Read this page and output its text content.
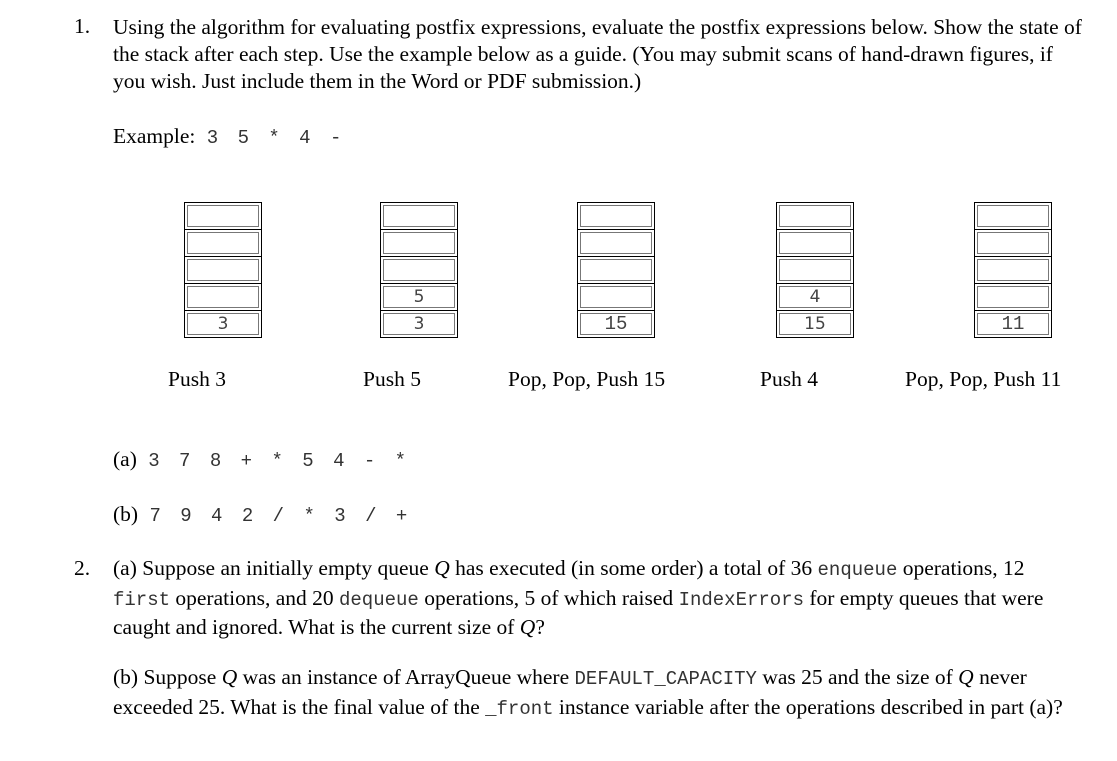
1. Using the algorithm for evaluating postfix expressions, evaluate the postfix expressions below. Show the state of the stack after each step. Use the example below as a guide. (You may submit scans of hand-drawn figures, if you wish. Just include them in the Word or PDF submission.)
Example: 3 5 * 4 -
3
5
3	15
4
15	11
Push 3	Push 5	Pop, Pop, Push 15	Push 4	Pop, Pop, Push 11
(a) 3 7 8 + * 5 4 - *
(b) 7 9 4 2 / * 3 / +
2. (a) Suppose an initially empty queue Q has executed (in some order) a total of 36 enqueue operations, 12 first operations, and 20 dequeue operations, 5 of which raised IndexErrors for empty queues that were caught and ignored. What is the current size of Q?
(b) Suppose Q was an instance of ArrayQueue where DEFAULT_CAPACITY was 25 and the size of Q never exceeded 25. What is the final value of the _front instance variable after the operations described in part (a)?
